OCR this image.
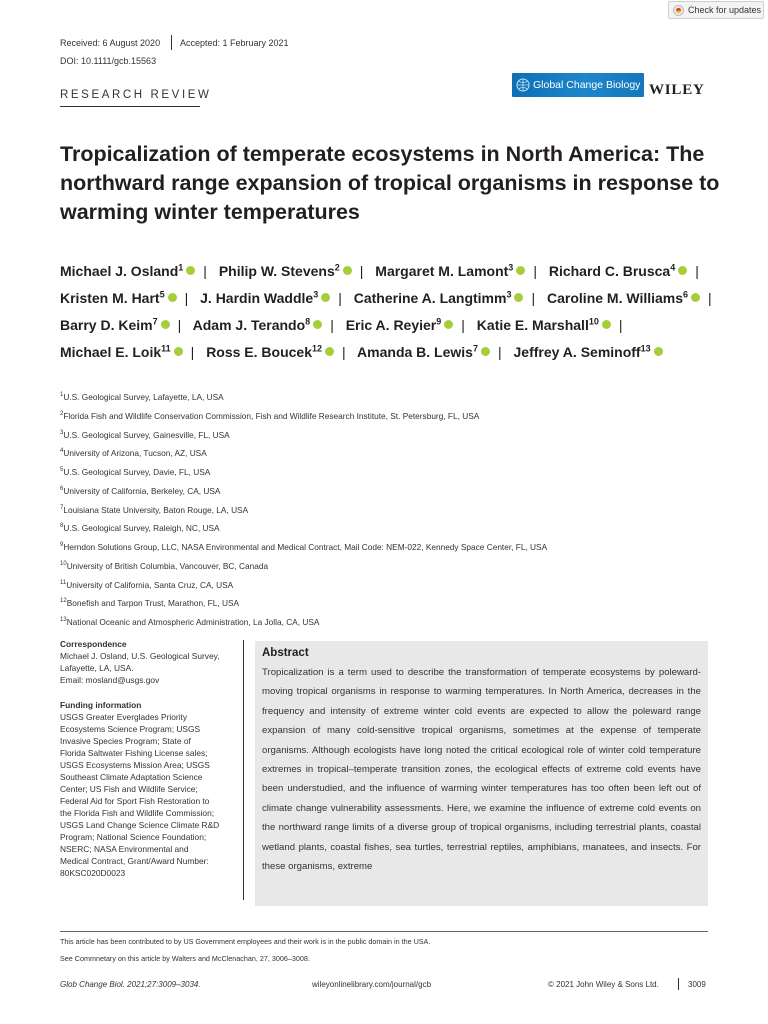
Check for updates
Received: 6 August 2020 Accepted: 1 February 2021
DOI: 10.1111/gcb.15563
RESEARCH REVIEW
Global Change Biology WILEY
Tropicalization of temperate ecosystems in North America: The northward range expansion of tropical organisms in response to warming winter temperatures
Michael J. Osland$^1$ | Philip W. Stevens$^2$ | Margaret M. Lamont$^3$ | Richard C. Brusca$^4$ | Kristen M. Hart$^5$ | J. Hardin Waddle$^3$ | Catherine A. Langtimm$^3$ | Caroline M. Williams$^6$ | Barry D. Keim$^7$ | Adam J. Terando$^8$ | Eric A. Reyier$^9$ | Katie E. Marshall$^{10}$ | Michael E. Loik$^{11}$ | Ross E. Boucek$^{12}$ | Amanda B. Lewis$^7$ | Jeffrey A. Seminoff$^{13}$
$^1$U.S. Geological Survey, Lafayette, LA, USA
$^2$Florida Fish and Wildlife Conservation Commission, Fish and Wildlife Research Institute, St. Petersburg, FL, USA
$^3$U.S. Geological Survey, Gainesville, FL, USA
$^4$University of Arizona, Tucson, AZ, USA
$^5$U.S. Geological Survey, Davie, FL, USA
$^6$University of California, Berkeley, CA, USA
$^7$Louisiana State University, Baton Rouge, LA, USA
$^8$U.S. Geological Survey, Raleigh, NC, USA
$^9$Herndon Solutions Group, LLC, NASA Environmental and Medical Contract, Mail Code: NEM-022, Kennedy Space Center, FL, USA
$^{10}$University of British Columbia, Vancouver, BC, Canada
$^{11}$University of California, Santa Cruz, CA, USA
$^{12}$Bonefish and Tarpon Trust, Marathon, FL, USA
$^{13}$National Oceanic and Atmospheric Administration, La Jolla, CA, USA
Correspondence
Michael J. Osland, U.S. Geological Survey,
Lafayette, LA, USA.
Email: mosland@usgs.gov
Funding information
USGS Greater Everglades Priority
Ecosystems Science Program; USGS
Invasive Species Program; State of
Florida Saltwater Fishing License sales;
USGS Ecosystems Mission Area; USGS
Southeast Climate Adaptation Science
Center; US Fish and Wildlife Service;
Federal Aid for Sport Fish Restoration to
the Florida Fish and Wildlife Commission;
USGS Land Change Science Climate R&D
Program; National Science Foundation;
NSERC; NASA Environmental and
Medical Contract, Grant/Award Number:
80KSC020D0023
Abstract
Tropicalization is a term used to describe the transformation of temperate ecosystems by poleward-moving tropical organisms in response to warming temperatures. In North America, decreases in the frequency and intensity of extreme winter cold events are expected to allow the poleward range expansion of many cold-sensitive tropical organisms, sometimes at the expense of temperate organisms. Although ecologists have long noted the critical ecological role of winter cold temperature extremes in tropical–temperate transition zones, the ecological effects of extreme cold events have been understudied, and the influence of warming winter temperatures has too often been left out of climate change vulnerability assessments. Here, we examine the influence of extreme cold events on the northward range limits of a diverse group of tropical organisms, including terrestrial plants, coastal wetland plants, coastal fishes, sea turtles, terrestrial reptiles, amphibians, manatees, and insects. For these organisms, extreme
This article has been contributed to by US Government employees and their work is in the public domain in the USA.
See Commnetary on this article by Walters and McClenachan, 27, 3006–3008.
Glob Change Biol. 2021;27:3009–3034.	wileyonlinelibrary.com/journal/gcb	© 2021 John Wiley & Sons Ltd.	3009
